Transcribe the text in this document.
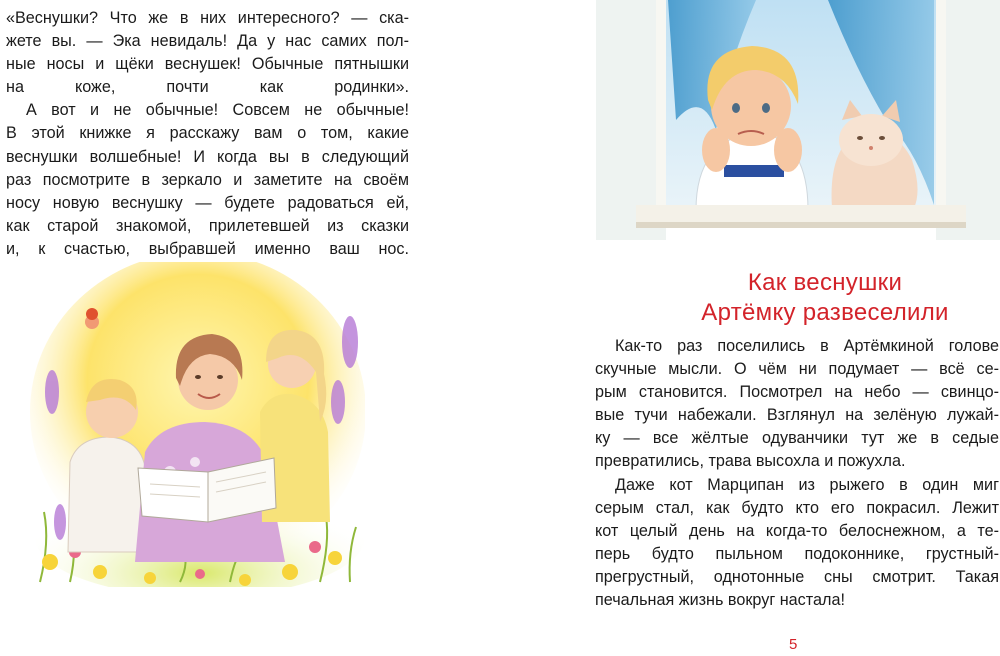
«Веснушки? Что же в них интересного? — ска-
жете вы. — Эка невидаль! Да у нас самих пол-
ные носы и щёки веснушек! Обычные пятнышки
на коже, почти как родинки».
А вот и не обычные! Совсем не обычные!
В этой книжке я расскажу вам о том, какие
веснушки волшебные! И когда вы в следующий
раз посмотрите в зеркало и заметите на своём
носу новую веснушку — будете радоваться ей,
как старой знакомой, прилетевшей из сказки
и, к счастью, выбравшей именно ваш нос.
Как веснушки
Артёмку развеселили
Как-то раз поселились в Артёмкиной голове
скучные мысли. О чём ни подумает — всё се-
рым становится. Посмотрел на небо — свинцо-
вые тучи набежали. Взглянул на зелёную лужай-
ку — все жёлтые одуванчики тут же в седые
превратились, трава высохла и пожухла.
Даже кот Марципан из рыжего в один миг
серым стал, как будто кто его покрасил. Лежит
кот целый день на когда-то белоснежном, а те-
перь будто пыльном подоконнике, грустный-
прегрустный, однотонные сны смотрит. Такая
печальная жизнь вокруг настала!
5
